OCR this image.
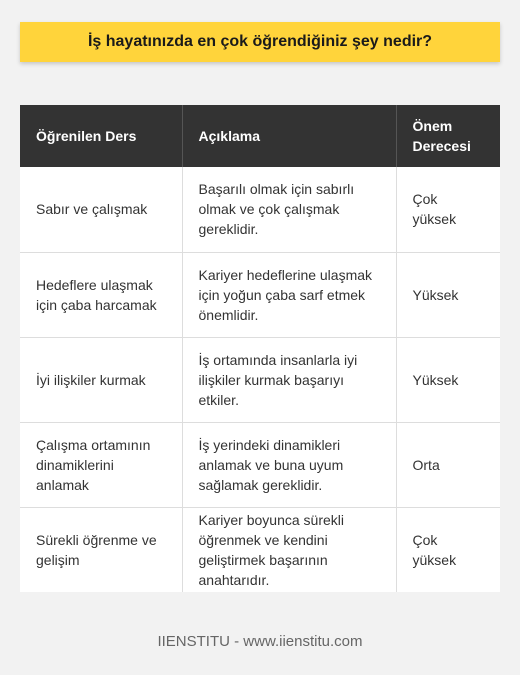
İş hayatınızda en çok öğrendiğiniz şey nedir?
Öğrenilen Ders	Açıklama	Önem Derecesi
Sabır ve çalışmak	Başarılı olmak için sabırlı olmak ve çok çalışmak gereklidir.	Çok yüksek
Hedeflere ulaşmak için çaba harcamak	Kariyer hedeflerine ulaşmak için yoğun çaba sarf etmek önemlidir.	Yüksek
İyi ilişkiler kurmak	İş ortamında insanlarla iyi ilişkiler kurmak başarıyı etkiler.	Yüksek
Çalışma ortamının dinamiklerini anlamak	İş yerindeki dinamikleri anlamak ve buna uyum sağlamak gereklidir.	Orta
Sürekli öğrenme ve gelişim	Kariyer boyunca sürekli öğrenmek ve kendini geliştirmek başarının anahtarıdır.	Çok yüksek
IIENSTITU - www.iienstitu.com
